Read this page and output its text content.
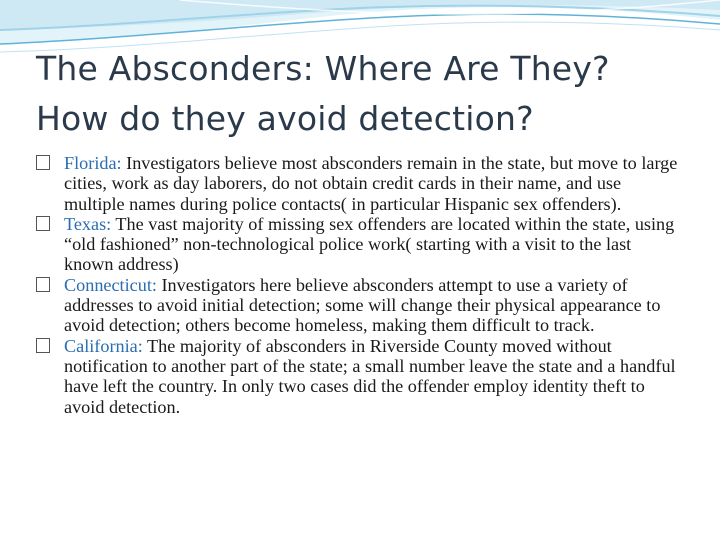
The Absconders: Where Are They?
How do they avoid detection?
Florida: Investigators believe most absconders remain in the state, but move to large cities, work as day laborers, do not obtain credit cards in their name, and use multiple names during police contacts( in particular Hispanic sex offenders).
Texas: The vast majority of missing sex offenders are located within the state, using “old fashioned” non-technological police work( starting with a visit to the last known address)
Connecticut: Investigators here believe absconders attempt to use a variety of addresses to avoid initial detection; some will change their physical appearance to avoid detection; others become homeless, making them difficult to track.
California: The majority of absconders in Riverside County moved without notification to another part of the state; a small number leave the state and a handful have left the country. In only two cases did the offender employ identity theft to avoid detection.
